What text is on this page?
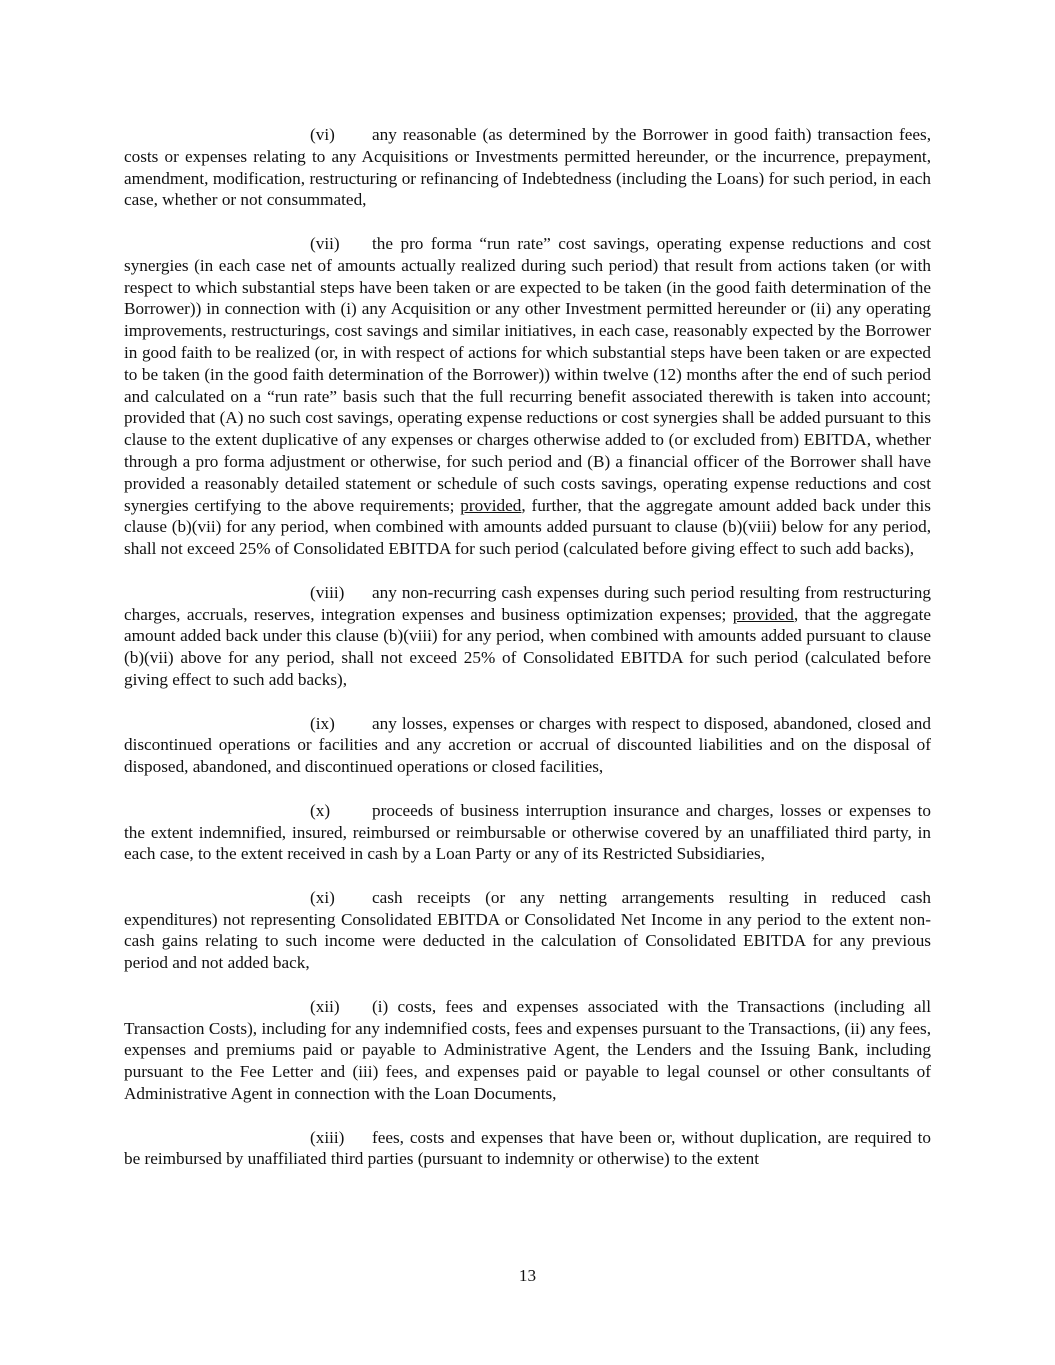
(vi) any reasonable (as determined by the Borrower in good faith) transaction fees, costs or expenses relating to any Acquisitions or Investments permitted hereunder, or the incurrence, prepayment, amendment, modification, restructuring or refinancing of Indebtedness (including the Loans) for such period, in each case, whether or not consummated,

(vii) the pro forma “run rate” cost savings, operating expense reductions and cost synergies (in each case net of amounts actually realized during such period) that result from actions taken (or with respect to which substantial steps have been taken or are expected to be taken (in the good faith determination of the Borrower)) in connection with (i) any Acquisition or any other Investment permitted hereunder or (ii) any operating improvements, restructurings, cost savings and similar initiatives, in each case, reasonably expected by the Borrower in good faith to be realized (or, in with respect of actions for which substantial steps have been taken or are expected to be taken (in the good faith determination of the Borrower)) within twelve (12) months after the end of such period and calculated on a “run rate” basis such that the full recurring benefit associated therewith is taken into account; provided that (A) no such cost savings, operating expense reductions or cost synergies shall be added pursuant to this clause to the extent duplicative of any expenses or charges otherwise added to (or excluded from) EBITDA, whether through a pro forma adjustment or otherwise, for such period and (B) a financial officer of the Borrower shall have provided a reasonably detailed statement or schedule of such costs savings, operating expense reductions and cost synergies certifying to the above requirements; provided, further, that the aggregate amount added back under this clause (b)(vii) for any period, when combined with amounts added pursuant to clause (b)(viii) below for any period, shall not exceed 25% of Consolidated EBITDA for such period (calculated before giving effect to such add backs),

(viii) any non-recurring cash expenses during such period resulting from restructuring charges, accruals, reserves, integration expenses and business optimization expenses; provided, that the aggregate amount added back under this clause (b)(viii) for any period, when combined with amounts added pursuant to clause (b)(vii) above for any period, shall not exceed 25% of Consolidated EBITDA for such period (calculated before giving effect to such add backs),

(ix) any losses, expenses or charges with respect to disposed, abandoned, closed and discontinued operations or facilities and any accretion or accrual of discounted liabilities and on the disposal of disposed, abandoned, and discontinued operations or closed facilities,

(x) proceeds of business interruption insurance and charges, losses or expenses to the extent indemnified, insured, reimbursed or reimbursable or otherwise covered by an unaffiliated third party, in each case, to the extent received in cash by a Loan Party or any of its Restricted Subsidiaries,

(xi) cash receipts (or any netting arrangements resulting in reduced cash expenditures) not representing Consolidated EBITDA or Consolidated Net Income in any period to the extent non-cash gains relating to such income were deducted in the calculation of Consolidated EBITDA for any previous period and not added back,

(xii) (i) costs, fees and expenses associated with the Transactions (including all Transaction Costs), including for any indemnified costs, fees and expenses pursuant to the Transactions, (ii) any fees, expenses and premiums paid or payable to Administrative Agent, the Lenders and the Issuing Bank, including pursuant to the Fee Letter and (iii) fees, and expenses paid or payable to legal counsel or other consultants of Administrative Agent in connection with the Loan Documents,

(xiii) fees, costs and expenses that have been or, without duplication, are required to be reimbursed by unaffiliated third parties (pursuant to indemnity or otherwise) to the extent

13
